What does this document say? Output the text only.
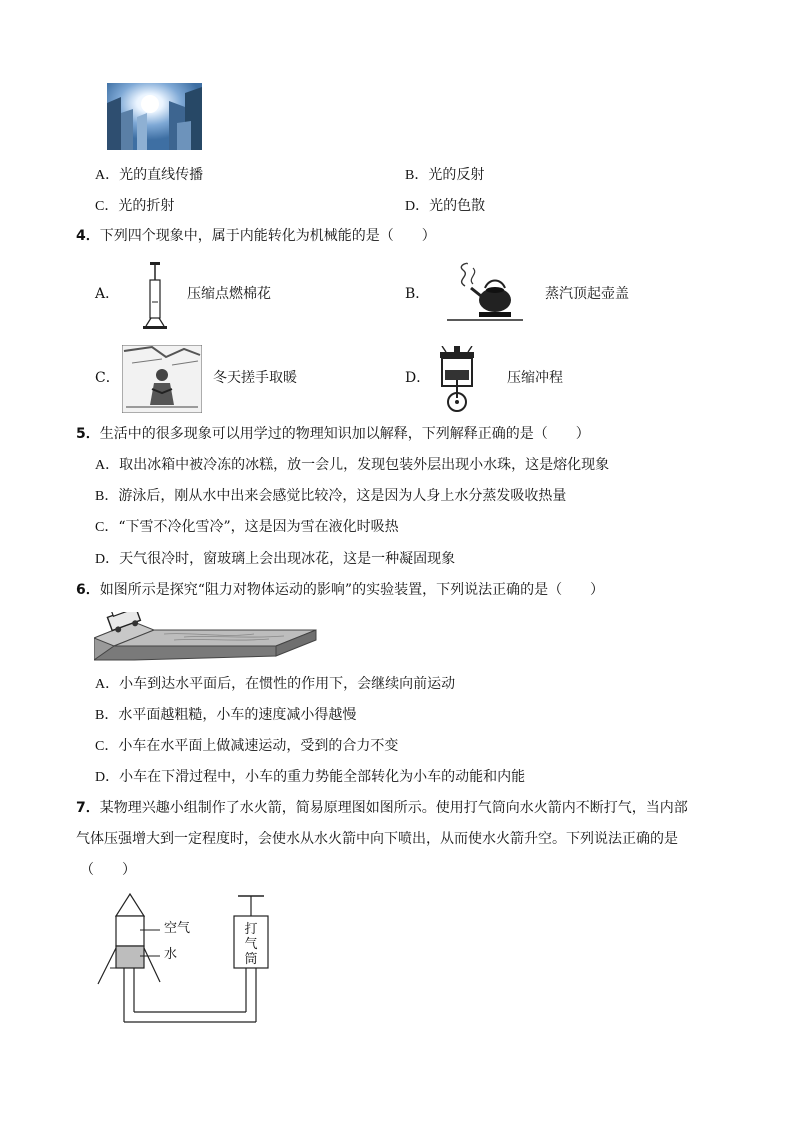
A．光的直线传播	B．光的反射
C．光的折射	D．光的色散
4．下列四个现象中，属于内能转化为机械能的是（　　）
A．	压缩点燃棉花	B．	蒸汽顶起壶盖
C．	冬天搓手取暖	D．	压缩冲程
5．生活中的很多现象可以用学过的物理知识加以解释，下列解释正确的是（　　）
A．取出冰箱中被冷冻的冰糕，放一会儿，发现包装外层出现小水珠，这是熔化现象
B．游泳后，刚从水中出来会感觉比较冷，这是因为人身上水分蒸发吸收热量
C．“下雪不冷化雪冷”，这是因为雪在液化时吸热
D．天气很冷时，窗玻璃上会出现冰花，这是一种凝固现象
6．如图所示是探究“阻力对物体运动的影响”的实验装置，下列说法正确的是（　　）
A．小车到达水平面后，在惯性的作用下，会继续向前运动
B．水平面越粗糙，小车的速度减小得越慢
C．小车在水平面上做减速运动，受到的合力不变
D．小车在下滑过程中，小车的重力势能全部转化为小车的动能和内能
7．某物理兴趣小组制作了水火箭，简易原理图如图所示。使用打气筒向水火箭内不断打气，当内部
气体压强增大到一定程度时，会使水从水火箭中向下喷出，从而使水火箭升空。下列说法正确的是
（　　）
空气
水
打
气
筒
